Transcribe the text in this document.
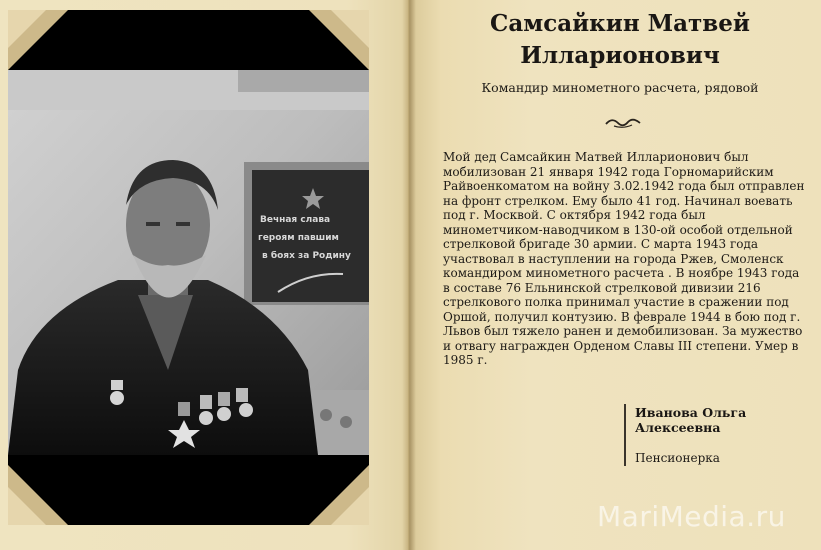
Вечная слава
героям павшим
в боях за Родину
Самсайкин Матвей Илларионович
Командир минометного расчета, рядовой
Мой дед Самсайкин Матвей Илларионович был мобилизован 21 января 1942 года Горномарийским Райвоенкоматом на войну 3.02.1942 года был отправлен на фронт стрелком. Ему было 41 год. Начинал воевать под г. Москвой. С октября 1942 года был минометчиком-наводчиком в 130-ой особой отдельной стрелковой бригаде 30 армии. С марта 1943 года участвовал в наступлении на города Ржев, Смоленск командиром минометного расчета . В ноябре 1943 года в составе 76 Ельнинской стрелковой дивизии 216 стрелкового полка принимал участие в сражении под Оршой, получил контузию. В феврале 1944 в бою под г. Львов был тяжело ранен и демобилизован. За мужество и отвагу награжден Орденом Славы III степени. Умер в 1985 г.
Иванова Ольга Алексеевна
Пенсионерка
MariMedia.ru
